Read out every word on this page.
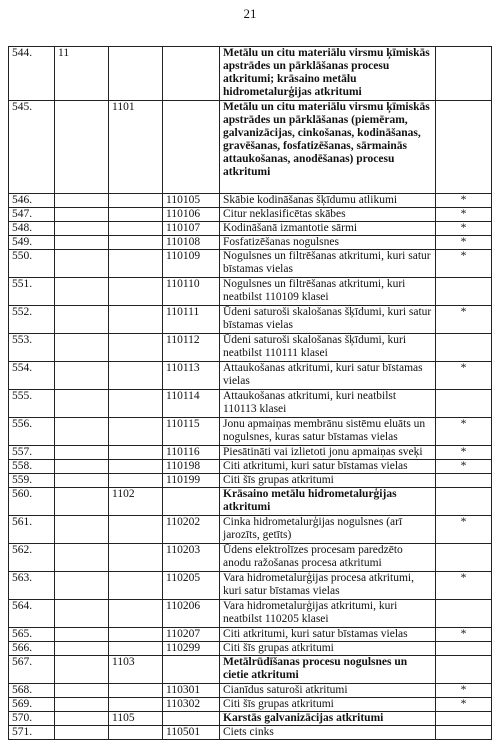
21
544.	11			Metālu un citu materiālu virsmu ķīmiskās apstrādes un pārklāšanas procesu atkritumi; krāsaino metālu hidrometalurģijas atkritumi	
545.		1101		Metālu un citu materiālu virsmu ķīmiskās apstrādes un pārklāšanas (piemēram, galvanizācijas, cinkošanas, kodināšanas, gravēšanas, fosfatizēšanas, sārmainās attaukošanas, anodēšanas) procesu atkritumi	
546.			110105	Skābie kodināšanas šķīdumu atlikumi	*
547.			110106	Citur neklasificētas skābes	*
548.			110107	Kodināšanā izmantotie sārmi	*
549.			110108	Fosfatizēšanas nogulsnes	*
550.			110109	Nogulsnes un filtrēšanas atkritumi, kuri satur bīstamas vielas	*
551.			110110	Nogulsnes un filtrēšanas atkritumi, kuri neatbilst 110109 klasei	
552.			110111	Ūdeni saturoši skalošanas šķīdumi, kuri satur bīstamas vielas	*
553.			110112	Ūdeni saturoši skalošanas šķīdumi, kuri neatbilst 110111 klasei	
554.			110113	Attaukošanas atkritumi, kuri satur bīstamas vielas	*
555.			110114	Attaukošanas atkritumi, kuri neatbilst 110113 klasei	
556.			110115	Jonu apmaiņas membrānu sistēmu eluāts un nogulsnes, kuras satur bīstamas vielas	*
557.			110116	Piesātināti vai izlietoti jonu apmaiņas sveķi	*
558.			110198	Citi atkritumi, kuri satur bīstamas vielas	*
559.			110199	Citi šīs grupas atkritumi	
560.		1102		Krāsaino metālu hidrometalurģijas atkritumi	
561.			110202	Cinka hidrometalurģijas nogulsnes (arī jarozīts, getīts)	*
562.			110203	Ūdens elektrolīzes procesam paredzēto anodu ražošanas procesa atkritumi	
563.			110205	Vara hidrometalurģijas procesa atkritumi, kuri satur bīstamas vielas	*
564.			110206	Vara hidrometalurģijas atkritumi, kuri neatbilst 110205 klasei	
565.			110207	Citi atkritumi, kuri satur bīstamas vielas	*
566.			110299	Citi šīs grupas atkritumi	
567.		1103		Metālrūdīšanas procesu nogulsnes un cietie atkritumi	
568.			110301	Cianīdus saturoši atkritumi	*
569.			110302	Citi šīs grupas atkritumi	*
570.		1105		Karstās galvanizācijas atkritumi	
571.			110501	Ciets cinks	
